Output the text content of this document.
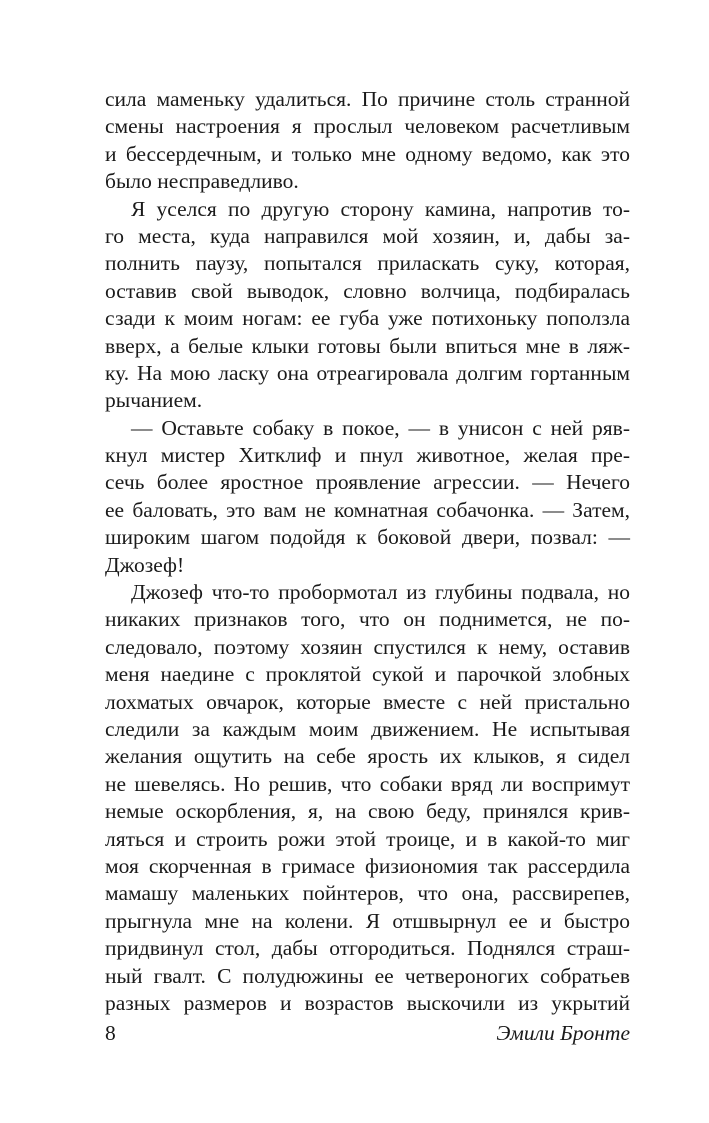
сила маменьку удалиться. По причине столь странной
смены настроения я прослыл человеком расчетливым
и бессердечным, и только мне одному ведомо, как это
было несправедливо.

Я уселся по другую сторону камина, напротив то-
го места, куда направился мой хозяин, и, дабы за-
полнить паузу, попытался приласкать суку, которая,
оставив свой выводок, словно волчица, подбиралась
сзади к моим ногам: ее губа уже потихоньку поползла
вверх, а белые клыки готовы были впиться мне в ляж-
ку. На мою ласку она отреагировала долгим гортанным
рычанием.

— Оставьте собаку в покое, — в унисон с ней ряв-
кнул мистер Хитклиф и пнул животное, желая пре-
сечь более яростное проявление агрессии. — Нечего
ее баловать, это вам не комнатная собачонка. — Затем,
широким шагом подойдя к боковой двери, позвал: —
Джозеф!

Джозеф что-то пробормотал из глубины подвала, но
никаких признаков того, что он поднимется, не по-
следовало, поэтому хозяин спустился к нему, оставив
меня наедине с проклятой сукой и парочкой злобных
лохматых овчарок, которые вместе с ней пристально
следили за каждым моим движением. Не испытывая
желания ощутить на себе ярость их клыков, я сидел
не шевелясь. Но решив, что собаки вряд ли воспримут
немые оскорбления, я, на свою беду, принялся крив-
ляться и строить рожи этой троице, и в какой-то миг
моя скорченная в гримасе физиономия так рассердила
мамашу маленьких пойнтеров, что она, рассвирепев,
прыгнула мне на колени. Я отшвырнул ее и быстро
придвинул стол, дабы отгородиться. Поднялся страш-
ный гвалт. С полудюжины ее четвероногих собратьев
разных размеров и возрастов выскочили из укрытий

8	Эмили Бронте
